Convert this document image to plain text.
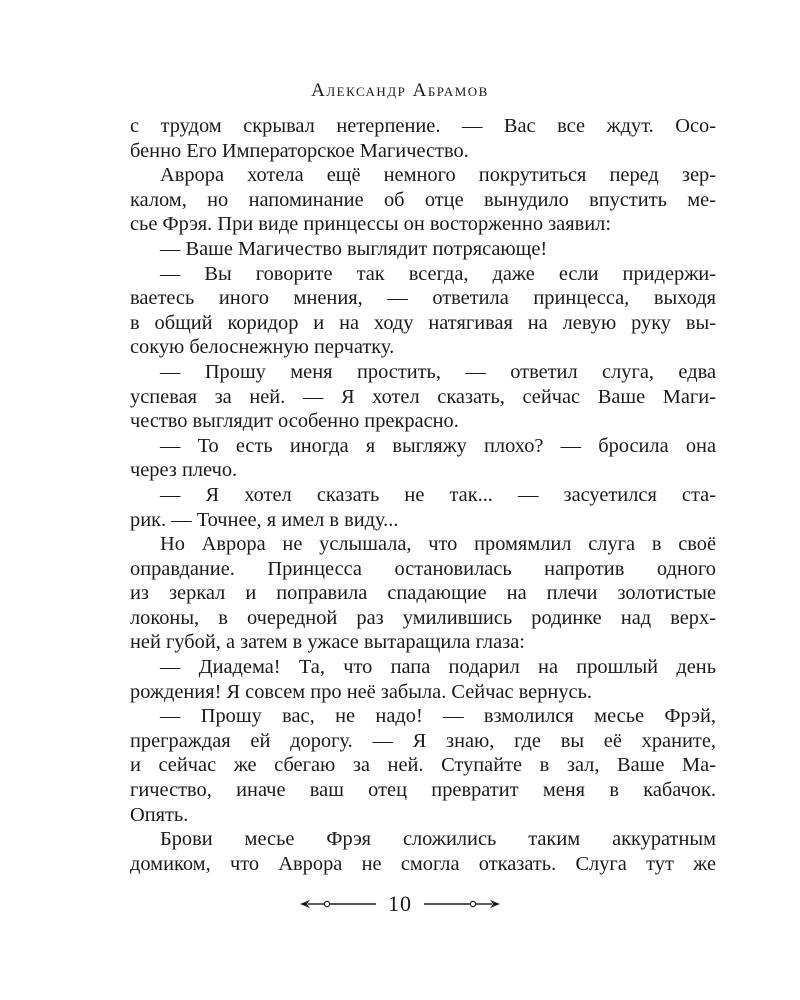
Александр Абрамов
с трудом скрывал нетерпение. — Вас все ждут. Осо-
бенно Его Императорское Магичество.
Аврора хотела ещё немного покрутиться перед зер-
калом, но напоминание об отце вынудило впустить ме-
сье Фрэя. При виде принцессы он восторженно заявил:
— Ваше Магичество выглядит потрясающе!
— Вы говорите так всегда, даже если придержи-
ваетесь иного мнения, — ответила принцесса, выходя
в общий коридор и на ходу натягивая на левую руку вы-
сокую белоснежную перчатку.
— Прошу меня простить, — ответил слуга, едва
успевая за ней. — Я хотел сказать, сейчас Ваше Маги-
чество выглядит особенно прекрасно.
— То есть иногда я выгляжу плохо? — бросила она
через плечо.
— Я хотел сказать не так... — засуетился ста-
рик. — Точнее, я имел в виду...
Но Аврора не услышала, что промямлил слуга в своё
оправдание. Принцесса остановилась напротив одного
из зеркал и поправила спадающие на плечи золотистые
локоны, в очередной раз умилившись родинке над верх-
ней губой, а затем в ужасе вытаращила глаза:
— Диадема! Та, что папа подарил на прошлый день
рождения! Я совсем про неё забыла. Сейчас вернусь.
— Прошу вас, не надо! — взмолился месье Фрэй,
преграждая ей дорогу. — Я знаю, где вы её храните,
и сейчас же сбегаю за ней. Ступайте в зал, Ваше Ма-
гичество, иначе ваш отец превратит меня в кабачок.
Опять.
Брови месье Фрэя сложились таким аккуратным
домиком, что Аврора не смогла отказать. Слуга тут же
10
